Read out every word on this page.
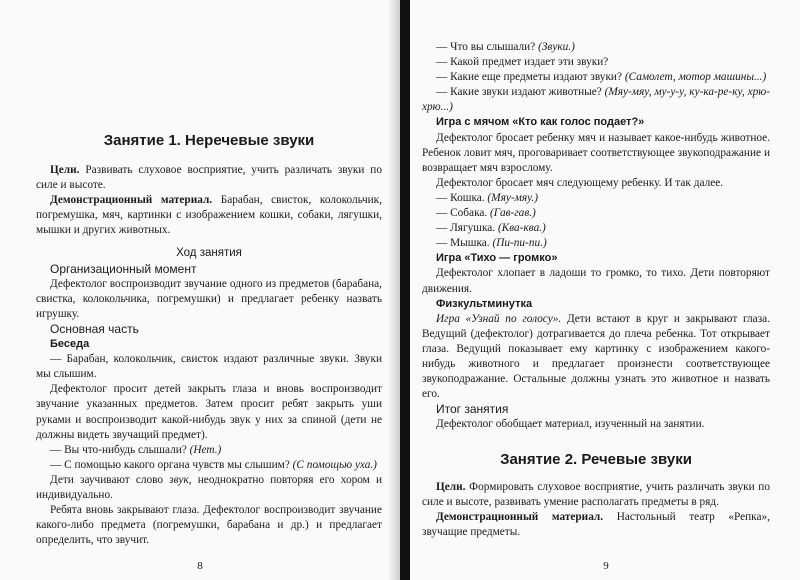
Занятие 1. Неречевые звуки

Цели. Развивать слуховое восприятие, учить различать звуки по силе и высоте.

Демонстрационный материал. Барабан, свисток, колокольчик, погремушка, мяч, картинки с изображением кошки, собаки, лягушки, мышки и других животных.

Ход занятия

Организационный момент

Дефектолог воспроизводит звучание одного из предметов (барабана, свистка, колокольчика, погремушки) и предлагает ребенку назвать игрушку.

Основная часть

Беседа

— Барабан, колокольчик, свисток издают различные звуки. Звуки мы слышим.

Дефектолог просит детей закрыть глаза и вновь воспроизводит звучание указанных предметов. Затем просит ребят закрыть уши руками и воспроизводит какой-нибудь звук у них за спиной (дети не должны видеть звучащий предмет).

— Вы что-нибудь слышали? (Нет.)

— С помощью какого органа чувств мы слышим? (С помощью уха.)

Дети заучивают слово звук, неоднократно повторяя его хором и индивидуально.

Ребята вновь закрывают глаза. Дефектолог воспроизводит звучание какого-либо предмета (погремушки, барабана и др.) и предлагает определить, что звучит.

8

— Что вы слышали? (Звуки.)

— Какой предмет издает эти звуки?

— Какие еще предметы издают звуки? (Самолет, мотор машины...)

— Какие звуки издают животные? (Мяу-мяу, му-у-у, ку-ка-ре-ку, хрю-хрю...)

Игра с мячом «Кто как голос подает?»

Дефектолог бросает ребенку мяч и называет какое-нибудь животное. Ребенок ловит мяч, проговаривает соответствующее звукоподражание и возвращает мяч взрослому.

Дефектолог бросает мяч следующему ребенку. И так далее.

— Кошка. (Мяу-мяу.)

— Собака. (Гав-гав.)

— Лягушка. (Ква-ква.)

— Мышка. (Пи-пи-пи.)

Игра «Тихо — громко»

Дефектолог хлопает в ладоши то громко, то тихо. Дети повторяют движения.

Физкультминутка

Игра «Узнай по голосу». Дети встают в круг и закрывают глаза. Ведущий (дефектолог) дотрагивается до плеча ребенка. Тот открывает глаза. Ведущий показывает ему картинку с изображением какого-нибудь животного и предлагает произнести соответствующее звукоподражание. Остальные должны узнать это животное и назвать его.

Итог занятия

Дефектолог обобщает материал, изученный на занятии.

Занятие 2. Речевые звуки

Цели. Формировать слуховое восприятие, учить различать звуки по силе и высоте, развивать умение располагать предметы в ряд.

Демонстрационный материал. Настольный театр «Репка», звучащие предметы.

9
